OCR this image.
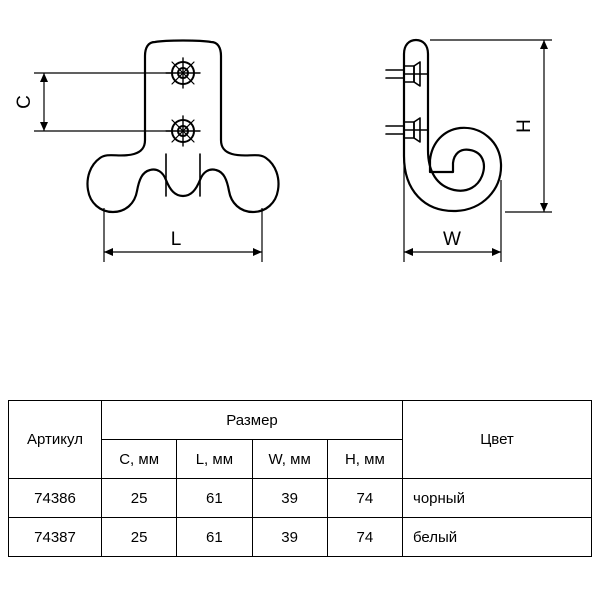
C
L
H
W
Артикул	Размер				Цвет
	C, мм	L, мм	W, мм	H, мм	
74386	25	61	39	74	чорный
74387	25	61	39	74	белый
